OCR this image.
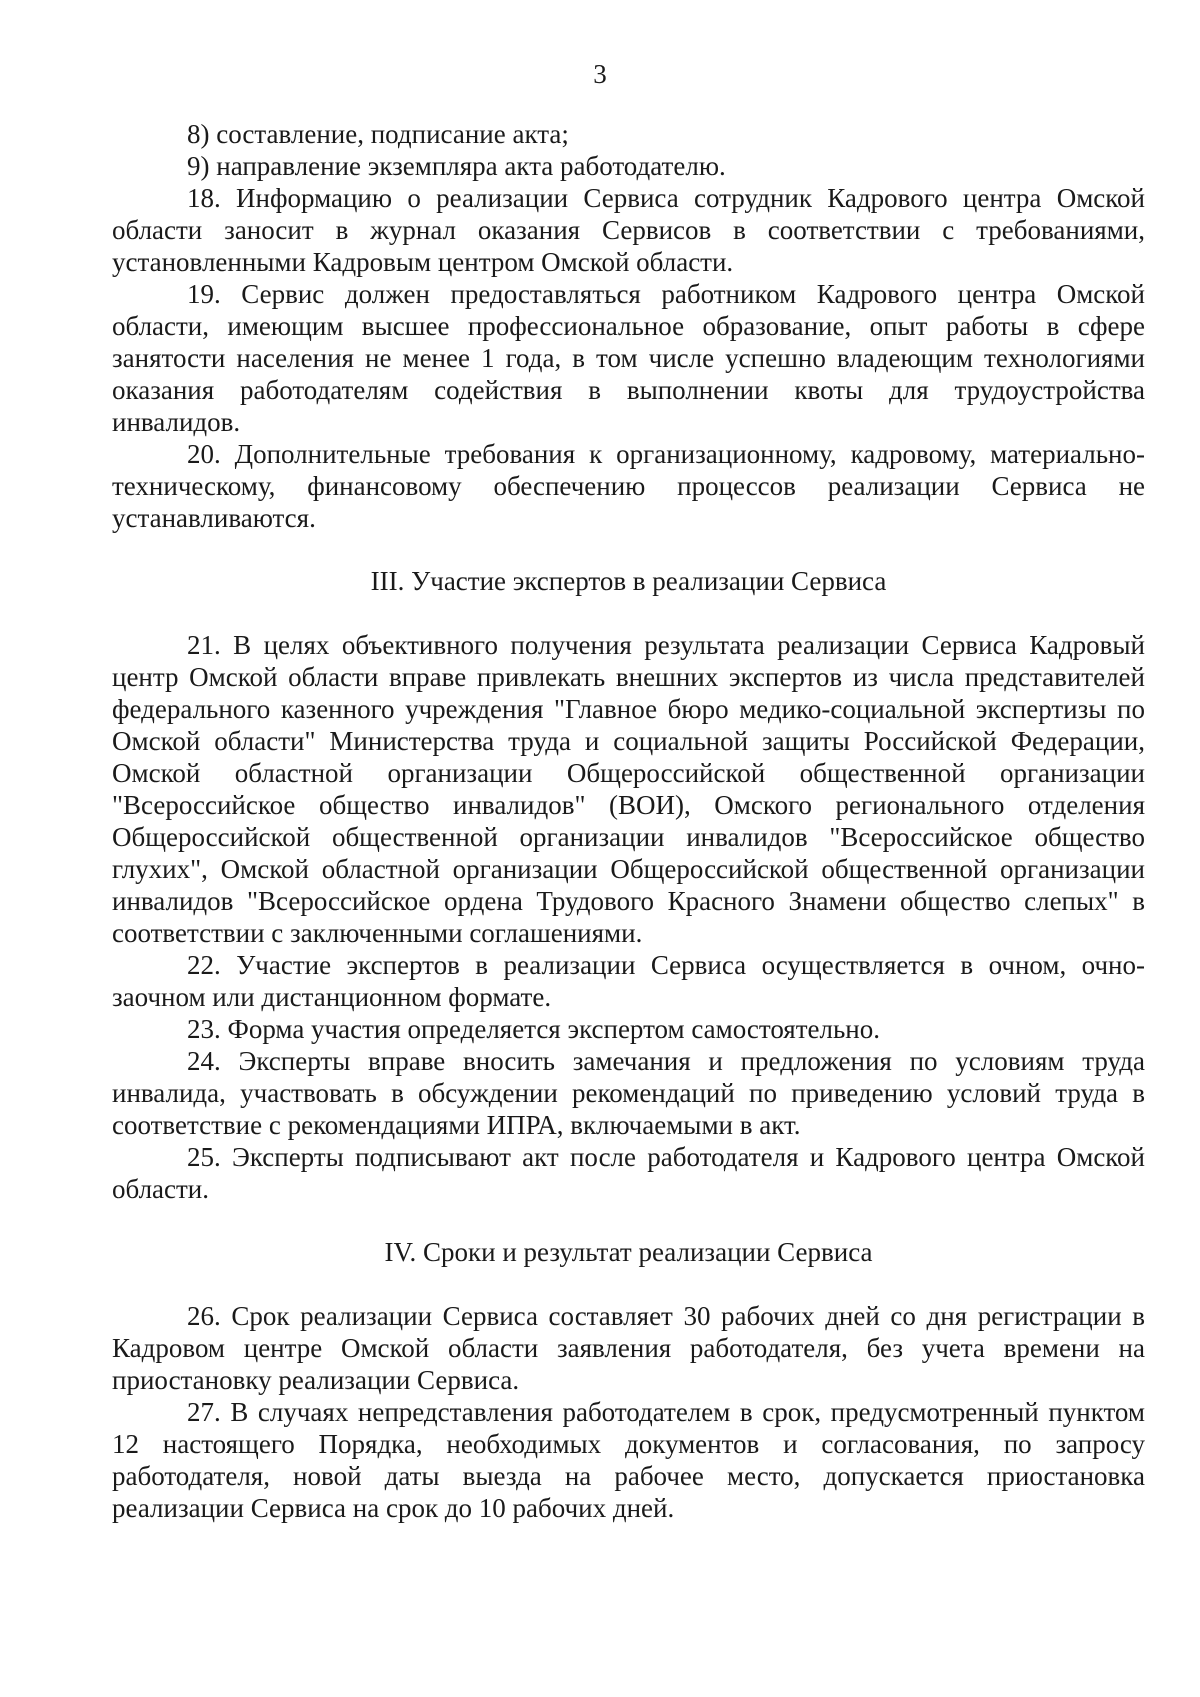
3

8) составление, подписание акта;

9) направление экземпляра акта работодателю.

18. Информацию о реализации Сервиса сотрудник Кадрового центра Омской области заносит в журнал оказания Сервисов в соответствии с требованиями, установленными Кадровым центром Омской области.

19. Сервис должен предоставляться работником Кадрового центра Омской области, имеющим высшее профессиональное образование, опыт работы в сфере занятости населения не менее 1 года, в том числе успешно владеющим технологиями оказания работодателям содействия в выполнении квоты для трудоустройства инвалидов.

20. Дополнительные требования к организационному, кадровому, материально-техническому, финансовому обеспечению процессов реализации Сервиса не устанавливаются.

III. Участие экспертов в реализации Сервиса

21. В целях объективного получения результата реализации Сервиса Кадровый центр Омской области вправе привлекать внешних экспертов из числа представителей федерального казенного учреждения "Главное бюро медико-социальной экспертизы по Омской области" Министерства труда и социальной защиты Российской Федерации, Омской областной организации Общероссийской общественной организации "Всероссийское общество инвалидов" (ВОИ), Омского регионального отделения Общероссийской общественной организации инвалидов "Всероссийское общество глухих", Омской областной организации Общероссийской общественной организации инвалидов "Всероссийское ордена Трудового Красного Знамени общество слепых" в соответствии с заключенными соглашениями.

22. Участие экспертов в реализации Сервиса осуществляется в очном, очно-заочном или дистанционном формате.

23. Форма участия определяется экспертом самостоятельно.

24. Эксперты вправе вносить замечания и предложения по условиям труда инвалида, участвовать в обсуждении рекомендаций по приведению условий труда в соответствие с рекомендациями ИПРА, включаемыми в акт.

25. Эксперты подписывают акт после работодателя и Кадрового центра Омской области.

IV. Сроки и результат реализации Сервиса

26. Срок реализации Сервиса составляет 30 рабочих дней со дня регистрации в Кадровом центре Омской области заявления работодателя, без учета времени на приостановку реализации Сервиса.

27. В случаях непредставления работодателем в срок, предусмотренный пунктом 12 настоящего Порядка, необходимых документов и согласования, по запросу работодателя, новой даты выезда на рабочее место, допускается приостановка реализации Сервиса на срок до 10 рабочих дней.
